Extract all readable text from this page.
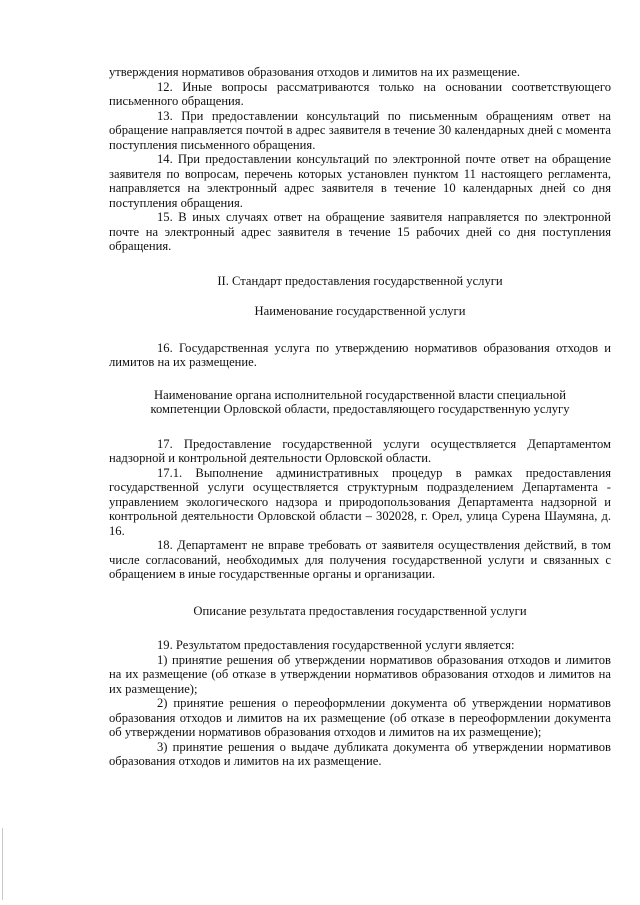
утверждения нормативов образования отходов и лимитов на их размещение.

12. Иные вопросы рассматриваются только на основании соответствующего письменного обращения.

13. При предоставлении консультаций по письменным обращениям ответ на обращение направляется почтой в адрес заявителя в течение 30 календарных дней с момента поступления письменного обращения.

14. При предоставлении консультаций по электронной почте ответ на обращение заявителя по вопросам, перечень которых установлен пунктом 11 настоящего регламента, направляется на электронный адрес заявителя в течение 10 календарных дней со дня поступления обращения.

15. В иных случаях ответ на обращение заявителя направляется по электронной почте на электронный адрес заявителя в течение 15 рабочих дней со дня поступления обращения.

II. Стандарт предоставления государственной услуги
Наименование государственной услуги

16. Государственная услуга по утверждению нормативов образования отходов и лимитов на их размещение.

Наименование органа исполнительной государственной власти специальной компетенции Орловской области, предоставляющего государственную услугу

17. Предоставление государственной услуги осуществляется Департаментом надзорной и контрольной деятельности Орловской области.

17.1. Выполнение административных процедур в рамках предоставления государственной услуги осуществляется структурным подразделением Департамента - управлением экологического надзора и природопользования Департамента надзорной и контрольной деятельности Орловской области – 302028, г. Орел, улица Сурена Шаумяна, д. 16.

18. Департамент не вправе требовать от заявителя осуществления действий, в том числе согласований, необходимых для получения государственной услуги и связанных с обращением в иные государственные органы и организации.

Описание результата предоставления государственной услуги

19. Результатом предоставления государственной услуги является:

1) принятие решения об утверждении нормативов образования отходов и лимитов на их размещение (об отказе в утверждении нормативов образования отходов и лимитов на их размещение);

2) принятие решения о переоформлении документа об утверждении нормативов образования отходов и лимитов на их размещение (об отказе в переоформлении документа об утверждении нормативов образования отходов и лимитов на их размещение);

3) принятие решения о выдаче дубликата документа об утверждении нормативов образования отходов и лимитов на их размещение.
